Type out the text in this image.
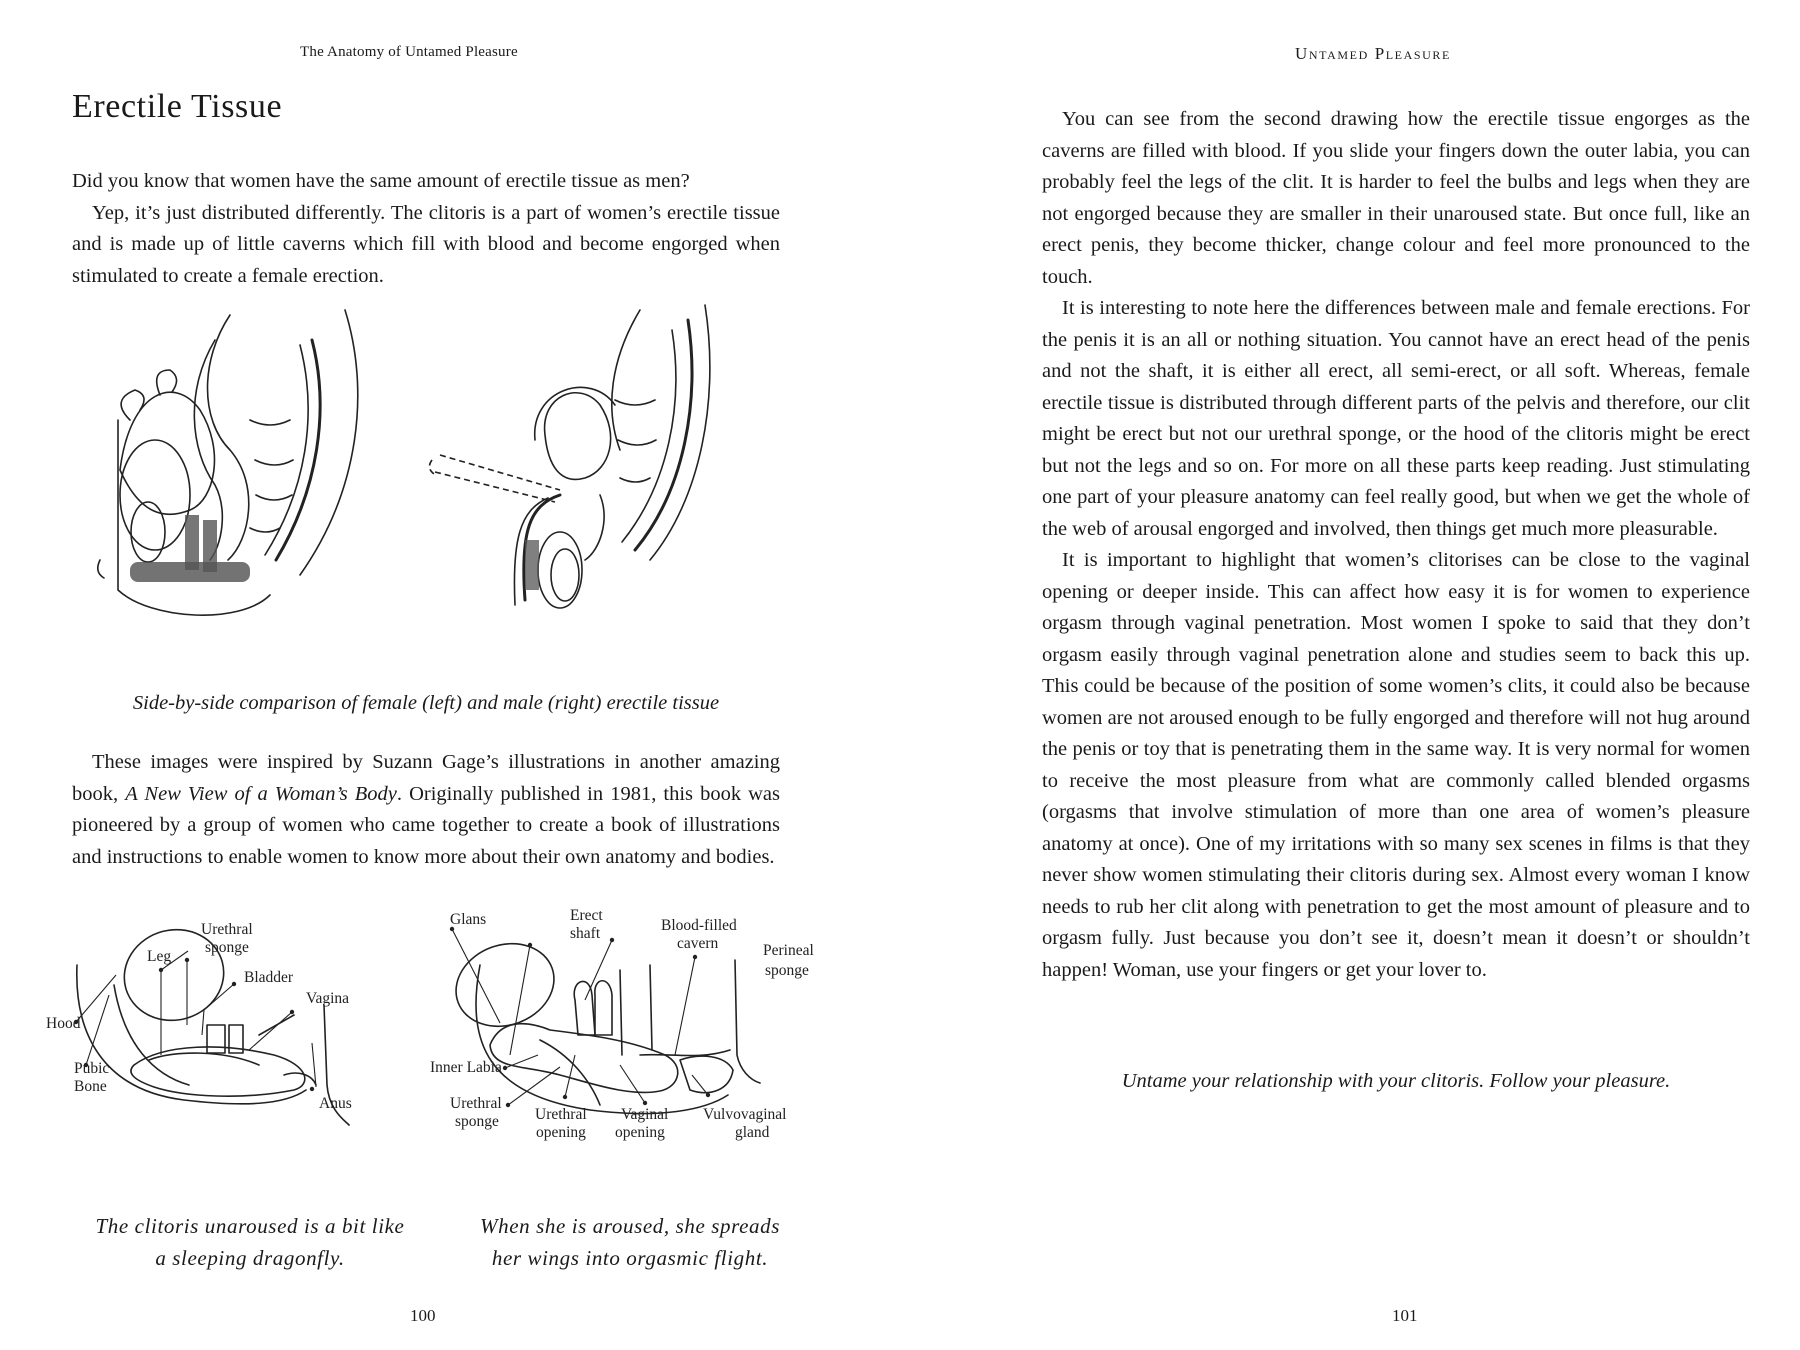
The Anatomy of Untamed Pleasure
Erectile Tissue

Did you know that women have the same amount of erectile tissue as men?

Yep, it’s just distributed differently. The clitoris is a part of women’s erectile tissue and is made up of little caverns which fill with blood and become engorged when stimulated to create a female erection.

Side-by-side comparison of female (left) and male (right) erectile tissue

These images were inspired by Suzann Gage’s illustrations in another amazing book, A New View of a Woman’s Body. Originally published in 1981, this book was pioneered by a group of women who came together to create a book of illustrations and instructions to enable women to know more about their own anatomy and bodies.

Urethral sponge
Leg
Bladder
Vagina
Hood
Pubic Bone
Anus
Glans	Erect shaft	Blood-filled cavern	Perineal sponge
Inner Labia
Urethral sponge Urethral opening
Vaginal opening
Vulvovaginal gland
The clitoris unaroused is a bit like
a sleeping dragonfly.
When she is aroused, she spreads
her wings into orgasmic flight.
100
Untamed Pleasure

You can see from the second drawing how the erectile tissue engorges as the caverns are filled with blood. If you slide your fingers down the outer labia, you can probably feel the legs of the clit. It is harder to feel the bulbs and legs when they are not engorged because they are smaller in their unaroused state. But once full, like an erect penis, they become thicker, change colour and feel more pronounced to the touch.

It is interesting to note here the differences between male and female erections. For the penis it is an all or nothing situation. You cannot have an erect head of the penis and not the shaft, it is either all erect, all semi-erect, or all soft. Whereas, female erectile tissue is distributed through different parts of the pelvis and therefore, our clit might be erect but not our urethral sponge, or the hood of the clitoris might be erect but not the legs and so on. For more on all these parts keep reading. Just stimulating one part of your pleasure anatomy can feel really good, but when we get the whole of the web of arousal engorged and involved, then things get much more pleasurable.

It is important to highlight that women’s clitorises can be close to the vaginal opening or deeper inside. This can affect how easy it is for women to experience orgasm through vaginal penetration. Most women I spoke to said that they don’t orgasm easily through vaginal penetration alone and studies seem to back this up. This could be because of the position of some women’s clits, it could also be because women are not aroused enough to be fully engorged and therefore will not hug around the penis or toy that is penetrating them in the same way. It is very normal for women to receive the most pleasure from what are commonly called blended orgasms (orgasms that involve stimulation of more than one area of women’s pleasure anatomy at once). One of my irritations with so many sex scenes in films is that they never show women stimulating their clitoris during sex. Almost every woman I know needs to rub her clit along with penetration to get the most amount of pleasure and to orgasm fully. Just because you don’t see it, doesn’t mean it doesn’t or shouldn’t happen! Woman, use your fingers or get your lover to.

Untame your relationship with your clitoris. Follow your pleasure.
101
